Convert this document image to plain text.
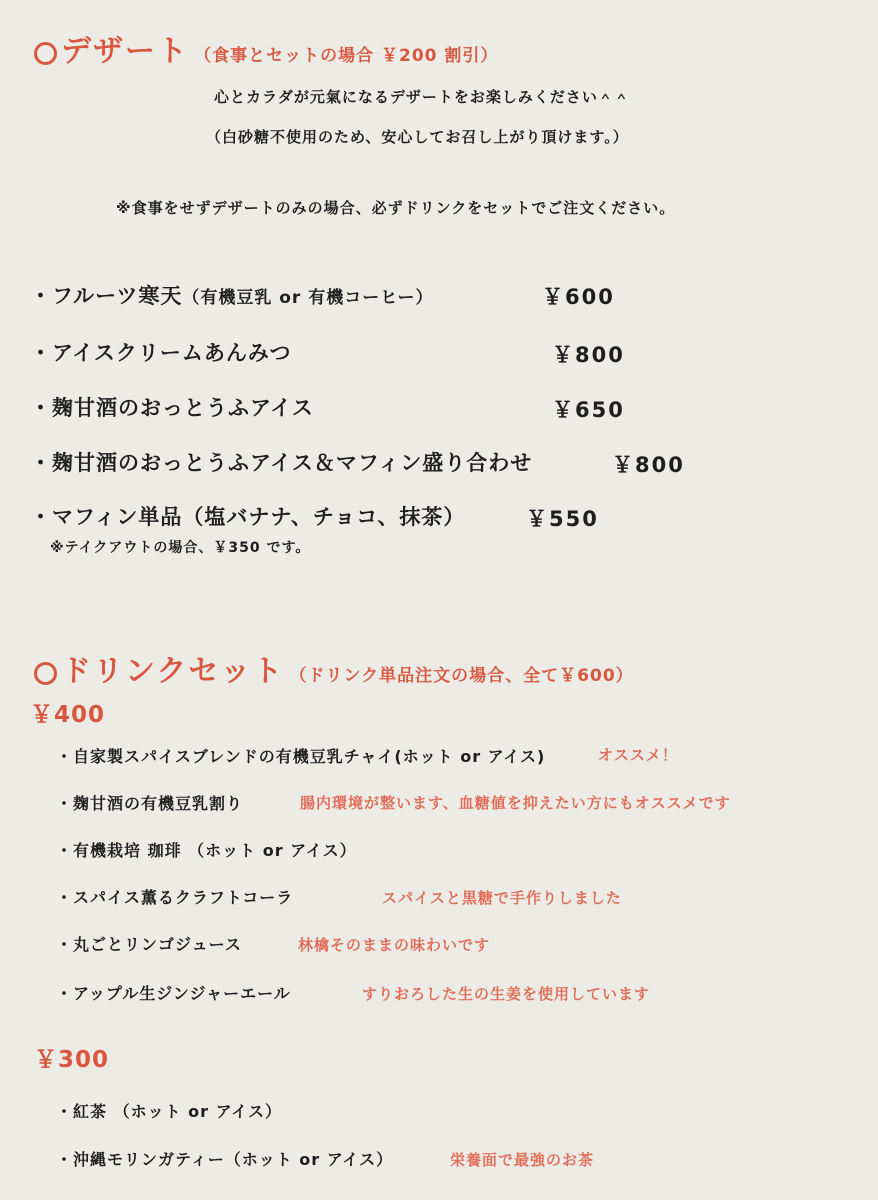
デザート （食事とセットの場合 ￥200 割引）
心とカラダが元氣になるデザートをお楽しみください＾＾
（白砂糖不使用のため、安心してお召し上がり頂けます。）
※食事をせずデザートのみの場合、必ずドリンクをセットでご注文ください。
・フルーツ寒天（有機豆乳 or 有機コーヒー）	￥600
・アイスクリームあんみつ	￥800
・麹甘酒のおっとうふアイス	￥650
・麹甘酒のおっとうふアイス＆マフィン盛り合わせ	￥800
・マフィン単品（塩バナナ、チョコ、抹茶）	￥550
※テイクアウトの場合、￥350 です。
ドリンクセット （ドリンク単品注文の場合、全て￥600）
￥400
・自家製スパイスブレンドの有機豆乳チャイ(ホット or アイス)	オススメ！
・麹甘酒の有機豆乳割り	腸内環境が整います、血糖値を抑えたい方にもオススメです
・有機栽培 珈琲 （ホット or アイス）
・スパイス薫るクラフトコーラ	スパイスと黒糖で手作りしました
・丸ごとリンゴジュース	林檎そのままの味わいです
・アップル生ジンジャーエール	すりおろした生の生姜を使用しています
￥300
・紅茶 （ホット or アイス）
・沖縄モリンガティー（ホット or アイス）	栄養面で最強のお茶
